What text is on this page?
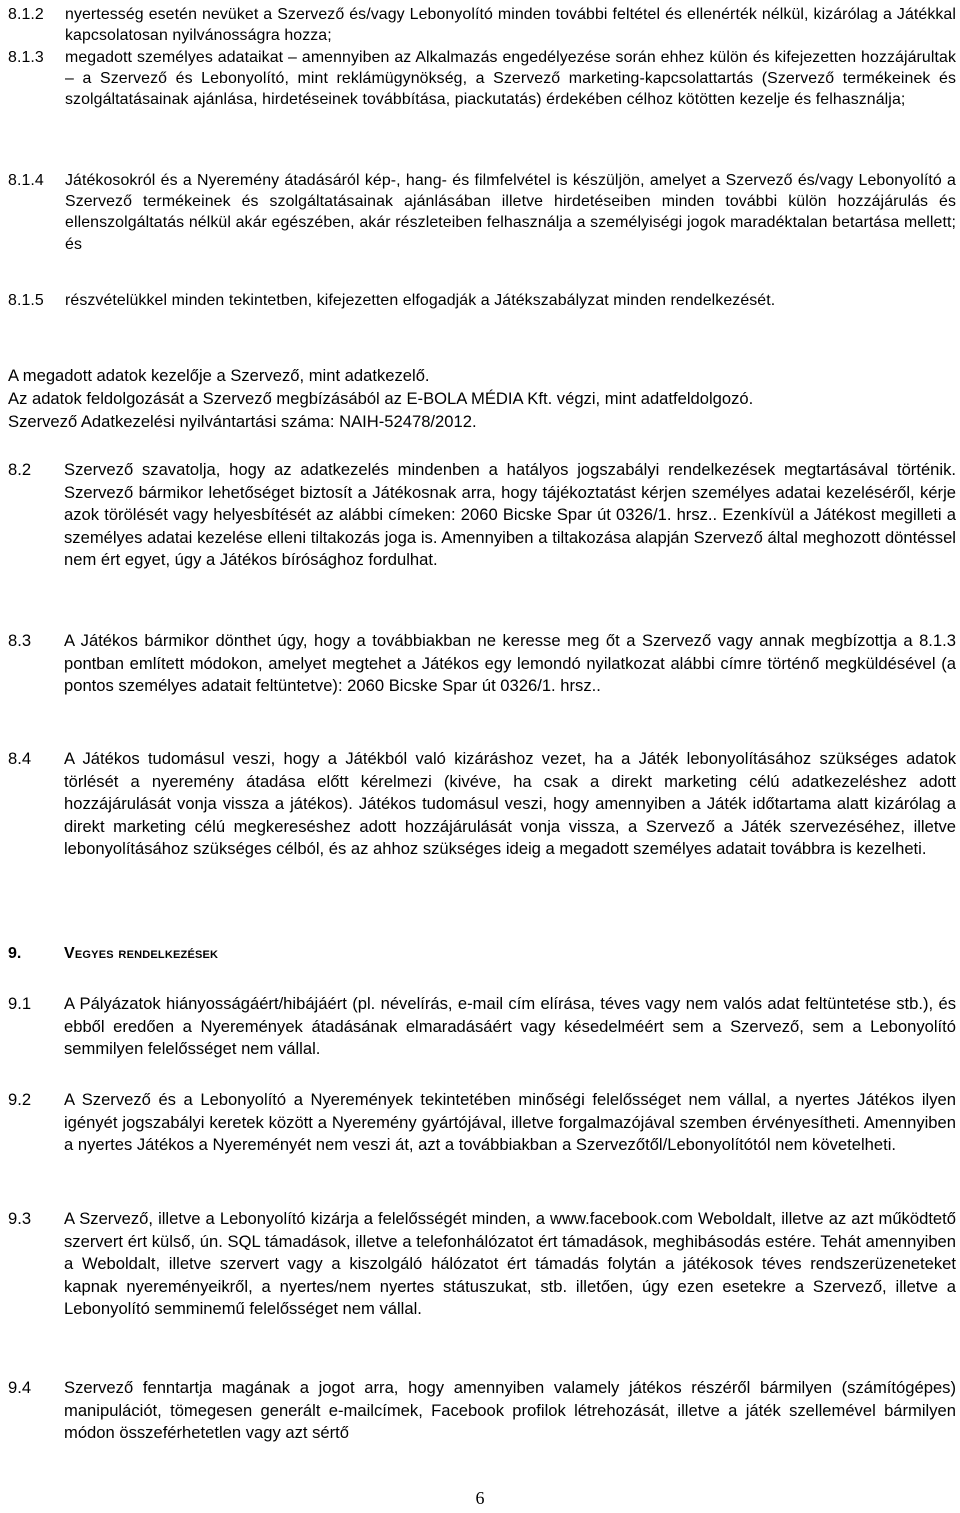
8.1.2	nyertesség esetén nevüket a Szervező és/vagy Lebonyolító minden további feltétel és ellenérték nélkül, kizárólag a Játékkal kapcsolatosan nyilvánosságra hozza;
8.1.3	megadott személyes adataikat – amennyiben az Alkalmazás engedélyezése során ehhez külön és kifejezetten hozzájárultak – a Szervező és Lebonyolító, mint reklámügynökség, a Szervező marketing-kapcsolattartás (Szervező termékeinek és szolgáltatásainak ajánlása, hirdetéseinek továbbítása, piackutatás) érdekében célhoz kötötten kezelje és felhasználja;
8.1.4	Játékosokról és a Nyeremény átadásáról kép-, hang- és filmfelvétel is készüljön, amelyet a Szervező és/vagy Lebonyolító a Szervező termékeinek és szolgáltatásainak ajánlásában illetve hirdetéseiben minden további külön hozzájárulás és ellenszolgáltatás nélkül akár egészében, akár részleteiben felhasználja a személyiségi jogok maradéktalan betartása mellett; és
8.1.5	részvételükkel minden tekintetben, kifejezetten elfogadják a Játékszabályzat minden rendelkezését.
A megadott adatok kezelője a Szervező, mint adatkezelő.
Az adatok feldolgozását a Szervező megbízásából az E-BOLA MÉDIA Kft. végzi, mint adatfeldolgozó.
Szervező Adatkezelési nyilvántartási száma: NAIH-52478/2012.
8.2	Szervező szavatolja, hogy az adatkezelés mindenben a hatályos jogszabályi rendelkezések megtartásával történik. Szervező bármikor lehetőséget biztosít a Játékosnak arra, hogy tájékoztatást kérjen személyes adatai kezeléséről, kérje azok törölését vagy helyesbítését az alábbi címeken: 2060 Bicske Spar út 0326/1. hrsz.. Ezenkívül a Játékost megilleti a személyes adatai kezelése elleni tiltakozás joga is. Amennyiben a tiltakozása alapján Szervező által meghozott döntéssel nem ért egyet, úgy a Játékos bírósághoz fordulhat.
8.3	A Játékos bármikor dönthet úgy, hogy a továbbiakban ne keresse meg őt a Szervező vagy annak megbízottja a 8.1.3 pontban említett módokon, amelyet megtehet a Játékos egy lemondó nyilatkozat alábbi címre történő megküldésével (a pontos személyes adatait feltüntetve): 2060 Bicske Spar út 0326/1. hrsz..
8.4	A Játékos tudomásul veszi, hogy a Játékból való kizáráshoz vezet, ha a Játék lebonyolításához szükséges adatok törlését a nyeremény átadása előtt kérelmezi (kivéve, ha csak a direkt marketing célú adatkezeléshez adott hozzájárulását vonja vissza a játékos). Játékos tudomásul veszi, hogy amennyiben a Játék időtartama alatt kizárólag a direkt marketing célú megkereséshez adott hozzájárulását vonja vissza, a Szervező a Játék szervezéséhez, illetve lebonyolításához szükséges célból, és az ahhoz szükséges ideig a megadott személyes adatait továbbra is kezelheti.
9.	Vegyes rendelkezések
9.1	A Pályázatok hiányosságáért/hibájáért (pl. névelírás, e-mail cím elírása, téves vagy nem valós adat feltüntetése stb.), és ebből eredően a Nyeremények átadásának elmaradásáért vagy késedelméért sem a Szervező, sem a Lebonyolító semmilyen felelősséget nem vállal.
9.2	A Szervező és a Lebonyolító a Nyeremények tekintetében minőségi felelősséget nem vállal, a nyertes Játékos ilyen igényét jogszabályi keretek között a Nyeremény gyártójával, illetve forgalmazójával szemben érvényesítheti. Amennyiben a nyertes Játékos a Nyereményét nem veszi át, azt a továbbiakban a Szervezőtől/Lebonyolítótól nem követelheti.
9.3	A Szervező, illetve a Lebonyolító kizárja a felelősségét minden, a www.facebook.com Weboldalt, illetve az azt működtető szervert ért külső, ún. SQL támadások, illetve a telefonhálózatot ért támadások, meghibásodás estére. Tehát amennyiben a Weboldalt, illetve szervert vagy a kiszolgáló hálózatot ért támadás folytán a játékosok téves rendszerüzeneteket kapnak nyereményeikről, a nyertes/nem nyertes státuszukat, stb. illetően, úgy ezen esetekre a Szervező, illetve a Lebonyolító semminemű felelősséget nem vállal.
9.4	Szervező fenntartja magának a jogot arra, hogy amennyiben valamely játékos részéről bármilyen (számítógépes) manipulációt, tömegesen generált e-mailcímek, Facebook profilok létrehozását, illetve a játék szellemével bármilyen módon összeférhetetlen vagy azt sértő
6
